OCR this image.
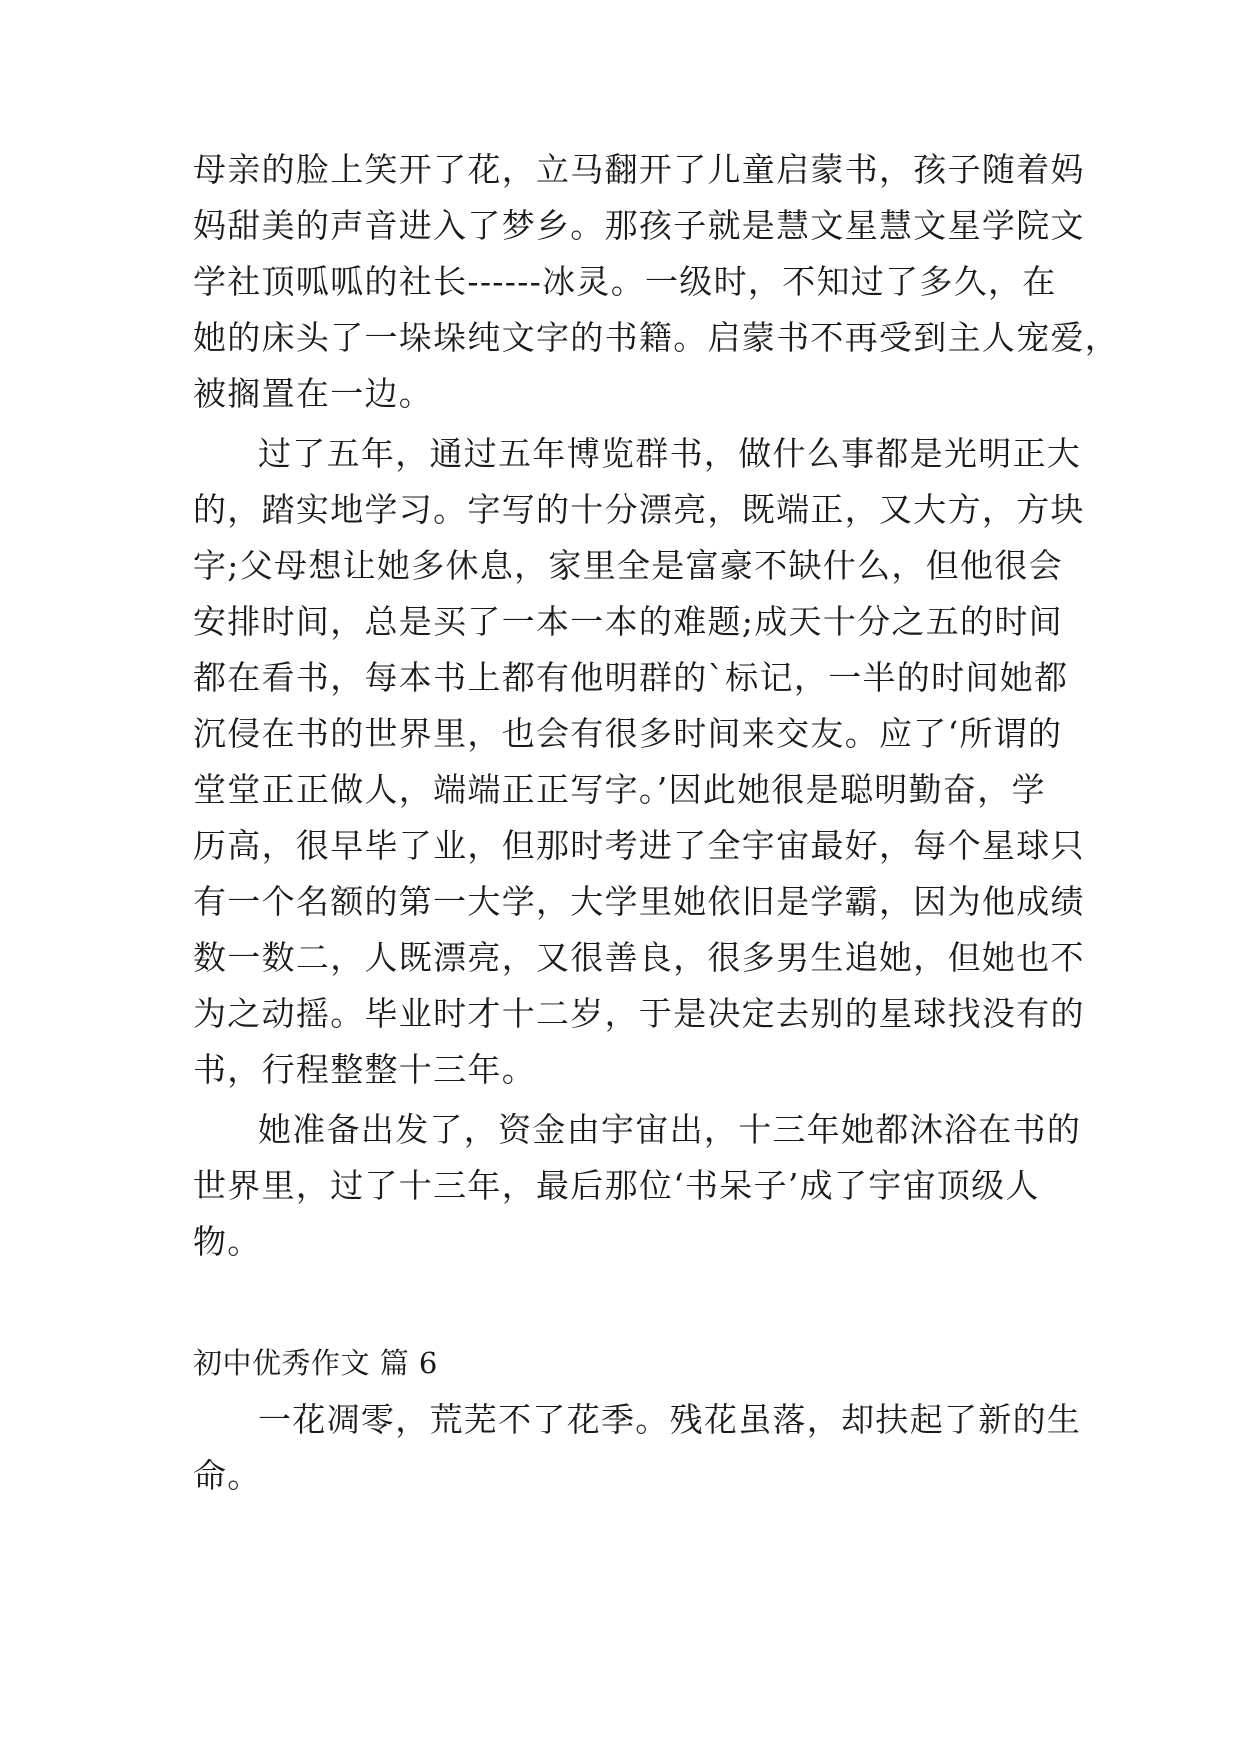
母亲的脸上笑开了花，立马翻开了儿童启蒙书，孩子随着妈
妈甜美的声音进入了梦乡。那孩子就是慧文星慧文星学院文
学社顶呱呱的社长------冰灵。一级时，不知过了多久，在
她的床头了一垛垛纯文字的书籍。启蒙书不再受到主人宠爱，
被搁置在一边。
过了五年，通过五年博览群书，做什么事都是光明正大
的，踏实地学习。字写的十分漂亮，既端正，又大方，方块
字;父母想让她多休息，家里全是富豪不缺什么，但他很会
安排时间，总是买了一本一本的难题;成天十分之五的时间
都在看书，每本书上都有他明群的`标记，一半的时间她都
沉侵在书的世界里，也会有很多时间来交友。应了‘所谓的
堂堂正正做人，端端正正写字。’因此她很是聪明勤奋，学
历高，很早毕了业，但那时考进了全宇宙最好，每个星球只
有一个名额的第一大学，大学里她依旧是学霸，因为他成绩
数一数二，人既漂亮，又很善良，很多男生追她，但她也不
为之动摇。毕业时才十二岁，于是决定去别的星球找没有的
书，行程整整十三年。
她准备出发了，资金由宇宙出，十三年她都沐浴在书的
世界里，过了十三年，最后那位‘书呆子’成了宇宙顶级人
物。
初中优秀作文 篇 6
一花凋零，荒芜不了花季。残花虽落，却扶起了新的生
命。
